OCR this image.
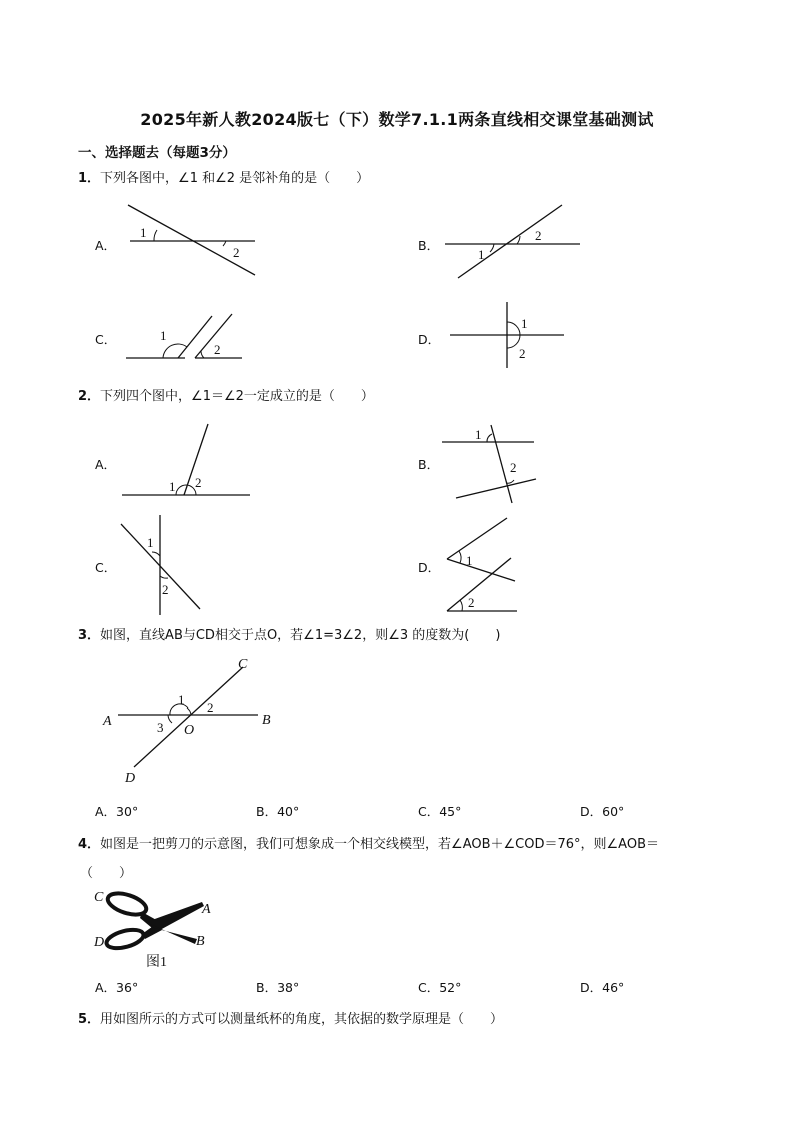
2025年新人教2024版七（下）数学7.1.1两条直线相交课堂基础测试
一、选择题去（每题3分）
1．下列各图中，∠1 和∠2 是邻补角的是（　　）
A．	B．
C．	D．
1
2
2
1
1
2
1
2
2．下列四个图中，∠1＝∠2一定成立的是（　　）
A．	B．
C．	D．
1 2
1
2
1
2
1
2
3．如图，直线AB与CD相交于点O，若∠1=3∠2，则∠3 的度数为(　　)
C
A	B
D
O
1
2
3
A．30°	B．40°	C．45°	D．60°
4．如图是一把剪刀的示意图，我们可想象成一个相交线模型，若∠AOB＋∠COD＝76°，则∠AOB＝
（　　）
C
A
D	B
图1
A．36°	B．38°	C．52°	D．46°
5．用如图所示的方式可以测量纸杯的角度，其依据的数学原理是（　　）
